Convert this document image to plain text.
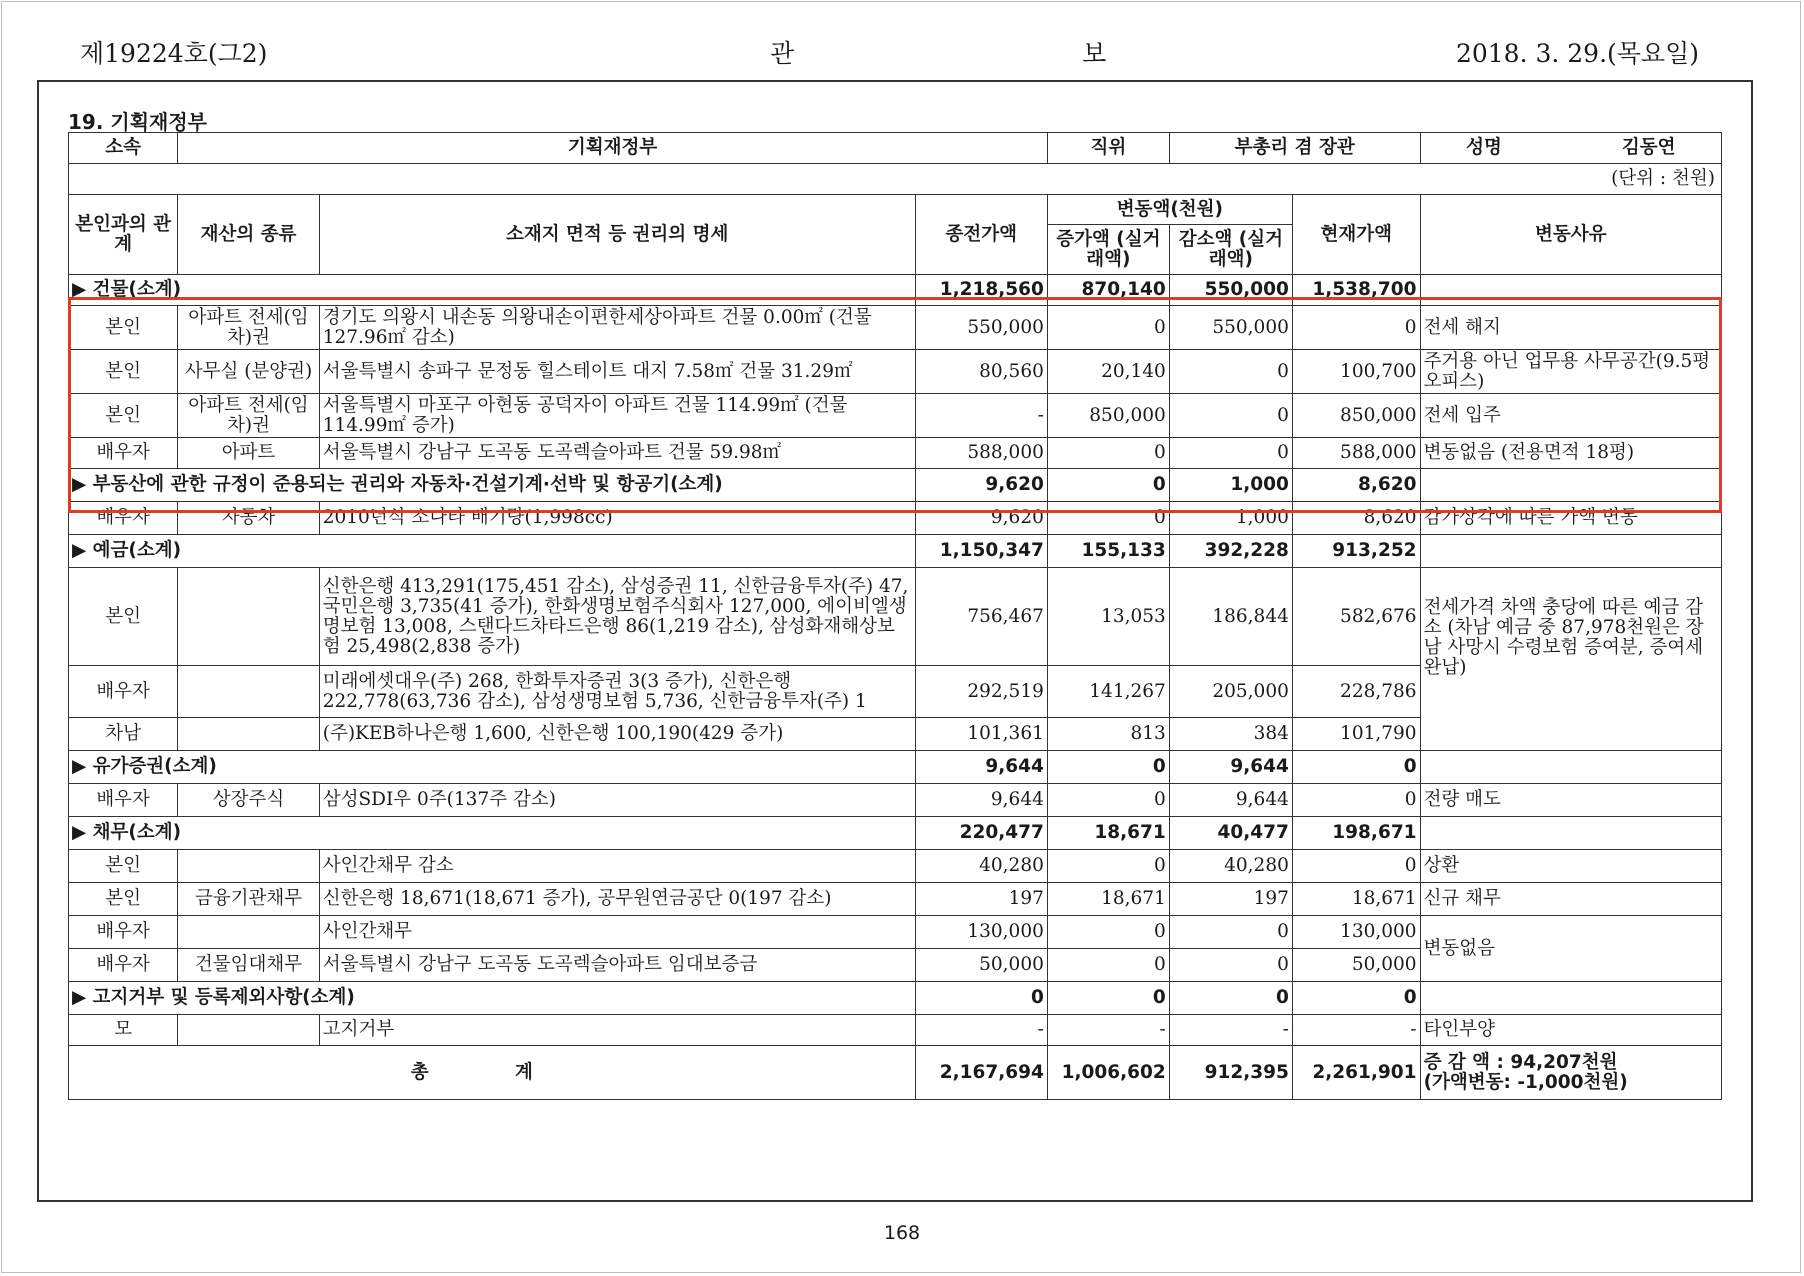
제19224호(그2)	관 보	2018. 3. 29.(목요일)
19. 기획재정부
소속	기획재정부			직위	부총리 겸 장관		성명 김동연
(단위 : 천원)							
본인과의 관계	재산의 종류	소재지 면적 등 권리의 명세	종전가액	변동액(천원)		현재가액	변동사유
				증가액 (실거래액)	감소액 (실거래액)		
▶ 건물(소계)			1,218,560	870,140	550,000	1,538,700	
본인	아파트 전세(임차)권	경기도 의왕시 내손동 의왕내손이편한세상아파트 건물 0.00㎡ (건물 127.96㎡ 감소)	550,000	0	550,000	0	전세 해지
본인	사무실 (분양권)	서울특별시 송파구 문정동 힐스테이트 대지 7.58㎡ 건물 31.29㎡	80,560	20,140	0	100,700	주거용 아닌 업무용 사무공간(9.5평 오피스)
본인	아파트 전세(임차)권	서울특별시 마포구 아현동 공덕자이 아파트 건물 114.99㎡ (건물 114.99㎡ 증가)	-	850,000	0	850,000	전세 입주
배우자	아파트	서울특별시 강남구 도곡동 도곡렉슬아파트 건물 59.98㎡	588,000	0	0	588,000	변동없음 (전용면적 18평)
▶ 부동산에 관한 규정이 준용되는 권리와 자동차·건설기계·선박 및 항공기(소계)			9,620	0	1,000	8,620	
배우자	자동차	2010년식 소나타 배기량(1,998cc)	9,620	0	1,000	8,620	감가상각에 따른 가액 변동
▶ 예금(소계)			1,150,347	155,133	392,228	913,252	
본인		신한은행 413,291(175,451 감소), 삼성증권 11, 신한금융투자(주) 47, 국민은행 3,735(41 증가), 한화생명보험주식회사 127,000, 에이비엘생명보험 13,008, 스탠다드차타드은행 86(1,219 감소), 삼성화재해상보험 25,498(2,838 증가)	756,467	13,053	186,844	582,676	전세가격 차액 충당에 따른 예금 감소 (차남 예금 중 87,978천원은 장남 사망시 수령보험 증여분, 증여세 완납)
배우자		미래에셋대우(주) 268, 한화투자증권 3(3 증가), 신한은행 222,778(63,736 감소), 삼성생명보험 5,736, 신한금융투자(주) 1	292,519	141,267	205,000	228,786	
차남		(주)KEB하나은행 1,600, 신한은행 100,190(429 증가)	101,361	813	384	101,790	
▶ 유가증권(소계)			9,644	0	9,644	0	
배우자	상장주식	삼성SDI우 0주(137주 감소)	9,644	0	9,644	0	전량 매도
▶ 채무(소계)			220,477	18,671	40,477	198,671	
본인		사인간채무 감소	40,280	0	40,280	0	상환
본인	금융기관채무	신한은행 18,671(18,671 증가), 공무원연금공단 0(197 감소)	197	18,671	197	18,671	신규 채무
배우자		사인간채무	130,000	0	0	130,000	변동없음
배우자	건물임대채무	서울특별시 강남구 도곡동 도곡렉슬아파트 임대보증금	50,000	0	0	50,000	
▶ 고지거부 및 등록제외사항(소계)			0	0	0	0	
모		고지거부	-	-	-	-	타인부양
총 계			2,167,694	1,006,602	912,395	2,261,901	증 감 액 : 94,207천원
(가액변동: -1,000천원)
168
